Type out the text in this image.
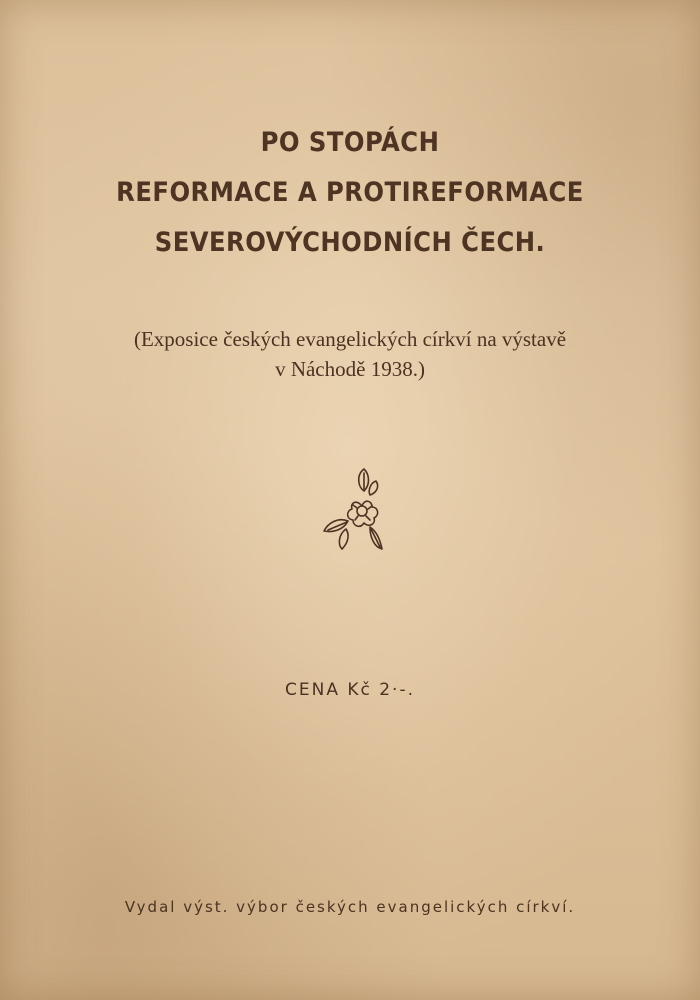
PO STOPÁCH
REFORMACE A PROTIREFORMACE
SEVEROVÝCHODNÍCH ČECH.
(Exposice českých evangelických církví na výstavě
v Náchodě 1938.)
CENA Kč 2·-.
Vydal výst. výbor českých evangelických církví.
